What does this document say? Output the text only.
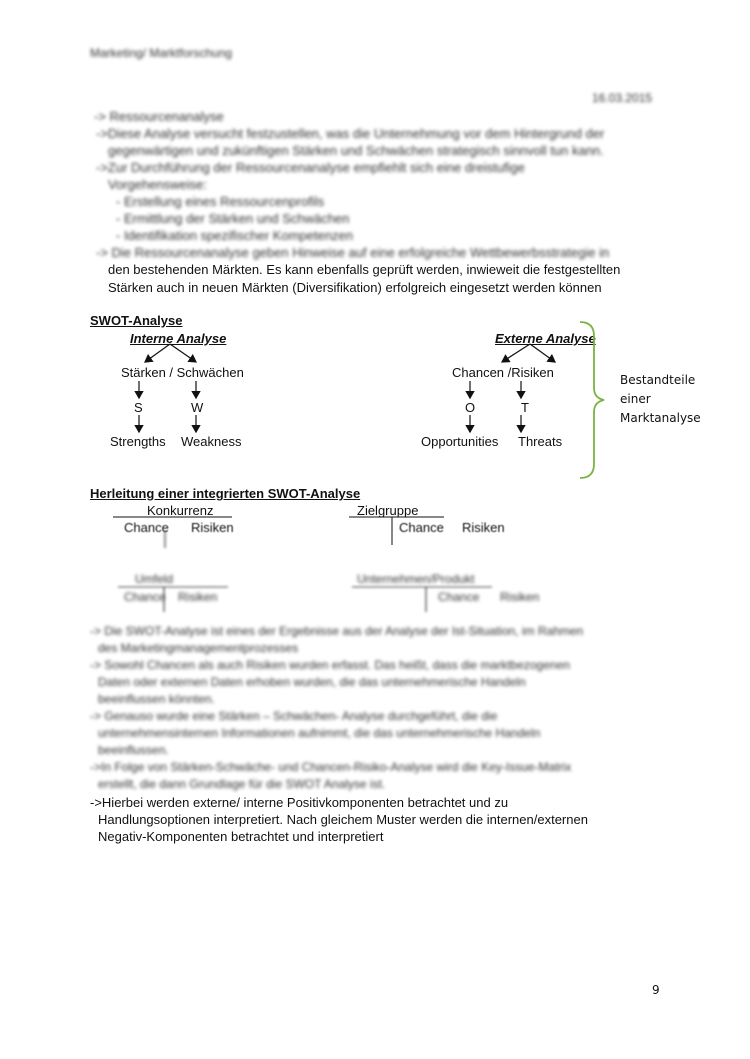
Marketing/ Marktforschung
16.03.2015
-> Ressourcenanalyse
->Diese Analyse versucht festzustellen, was die Unternehmung vor dem Hintergrund der
gegenwärtigen und zukünftigen Stärken und Schwächen strategisch sinnvoll tun kann.
->Zur Durchführung der Ressourcenanalyse empfiehlt sich eine dreistufige
Vorgehensweise:
- Erstellung eines Ressourcenprofils
- Ermittlung der Stärken und Schwächen
- Identifikation spezifischer Kompetenzen
-> Die Ressourcenanalyse geben Hinweise auf eine erfolgreiche Wettbewerbsstrategie in
den bestehenden Märkten. Es kann ebenfalls geprüft werden, inwieweit die festgestellten
Stärken auch in neuen Märkten (Diversifikation) erfolgreich eingesetzt werden können
SWOT-Analyse
Interne Analyse	Externe Analyse
Stärken / Schwächen	Chancen /Risiken
S	W	O	T
Strengths Weakness	Opportunities Threats
Bestandteile
einer
Marktanalyse
Herleitung einer integrierten SWOT-Analyse
Konkurrenz	Zielgruppe
Chance Risiken	Chance Risiken
Umfeld	Unternehmen/Produkt
Chance Risiken	Chance Risiken
-> Die SWOT-Analyse ist eines der Ergebnisse aus der Analyse der Ist-Situation, im Rahmen
des Marketingmanagementprozesses
-> Sowohl Chancen als auch Risiken wurden erfasst. Das heißt, dass die marktbezogenen
Daten oder externen Daten erhoben wurden, die das unternehmerische Handeln
beeinflussen könnten.
-> Genauso wurde eine Stärken – Schwächen- Analyse durchgeführt, die die
unternehmensinternen Informationen aufnimmt, die das unternehmerische Handeln
beeinflussen.
->In Folge von Stärken-Schwäche- und Chancen-Risiko-Analyse wird die Key-Issue-Matrix
erstellt, die dann Grundlage für die SWOT Analyse ist.
->Hierbei werden externe/ interne Positivkomponenten betrachtet und zu
Handlungsoptionen interpretiert. Nach gleichem Muster werden die internen/externen
Negativ-Komponenten betrachtet und interpretiert
9
